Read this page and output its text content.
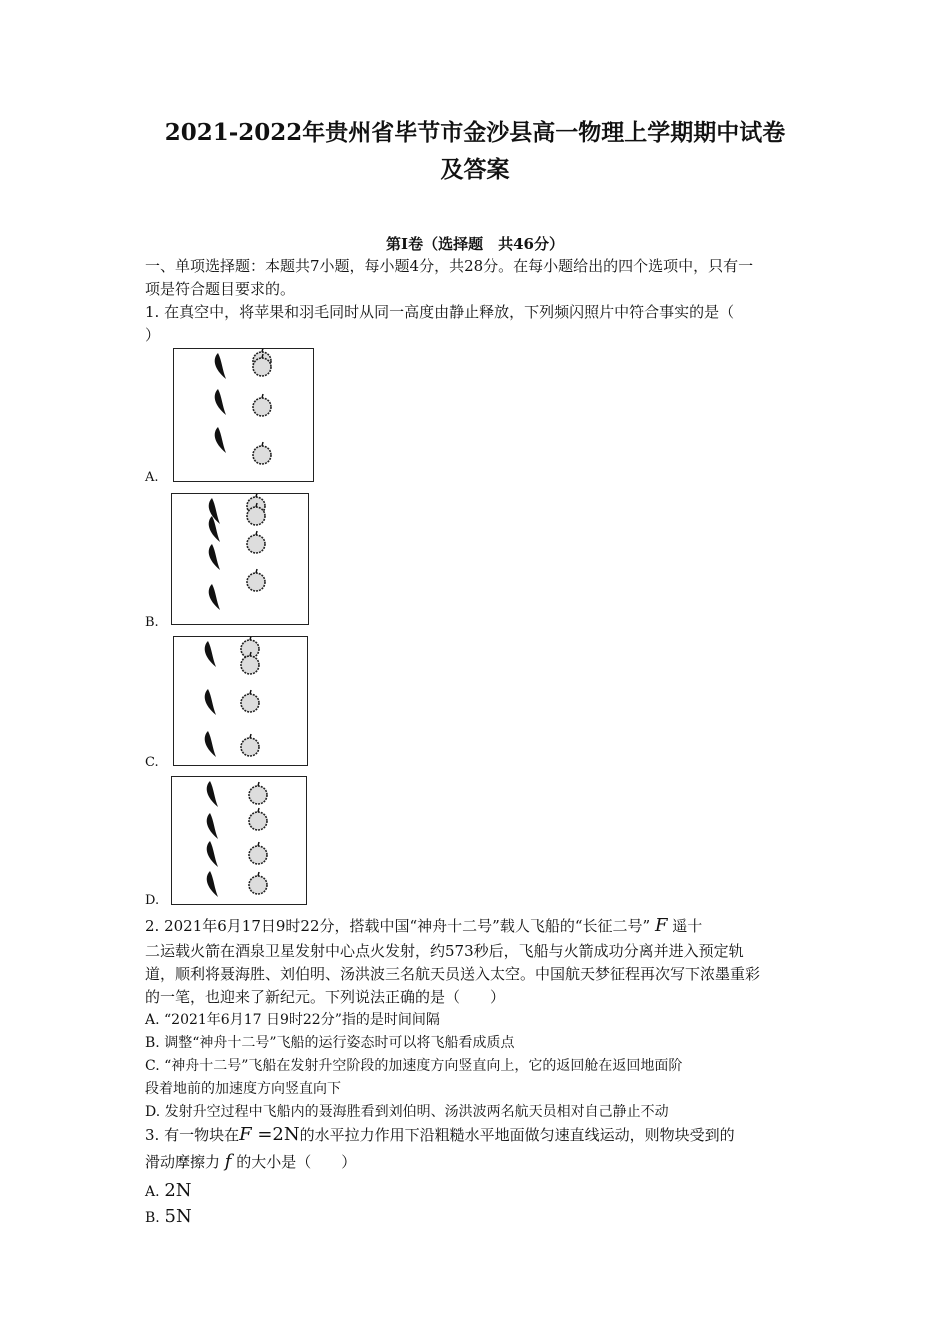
2021-2022年贵州省毕节市金沙县高一物理上学期期中试卷
及答案
第Ⅰ卷（选择题　共46分）
一、单项选择题：本题共7小题，每小题4分，共28分。在每小题给出的四个选项中，只有一
项是符合题目要求的。
1. 在真空中，将苹果和羽毛同时从同一高度由静止释放，下列频闪照片中符合事实的是（
）
A.
B.
C.
D.
2. 2021年6月17日9时22分，搭载中国“神舟十二号”载人飞船的“长征二号” F 遥十
二运载火箭在酒泉卫星发射中心点火发射，约573秒后，飞船与火箭成功分离并进入预定轨
道，顺利将聂海胜、刘伯明、汤洪波三名航天员送入太空。中国航天梦征程再次写下浓墨重彩
的一笔，也迎来了新纪元。下列说法正确的是（　　）
A. “2021年6月17 日9时22分”指的是时间间隔
B. 调整“神舟十二号”飞船的运行姿态时可以将飞船看成质点
C. “神舟十二号”飞船在发射升空阶段的加速度方向竖直向上，它的返回舱在返回地面阶
段着地前的加速度方向竖直向下
D. 发射升空过程中飞船内的聂海胜看到刘伯明、汤洪波两名航天员相对自己静止不动
3. 有一物块在F =2N的水平拉力作用下沿粗糙水平地面做匀速直线运动，则物块受到的
滑动摩擦力 f 的大小是（　　）
A. 2N
B. 5N
